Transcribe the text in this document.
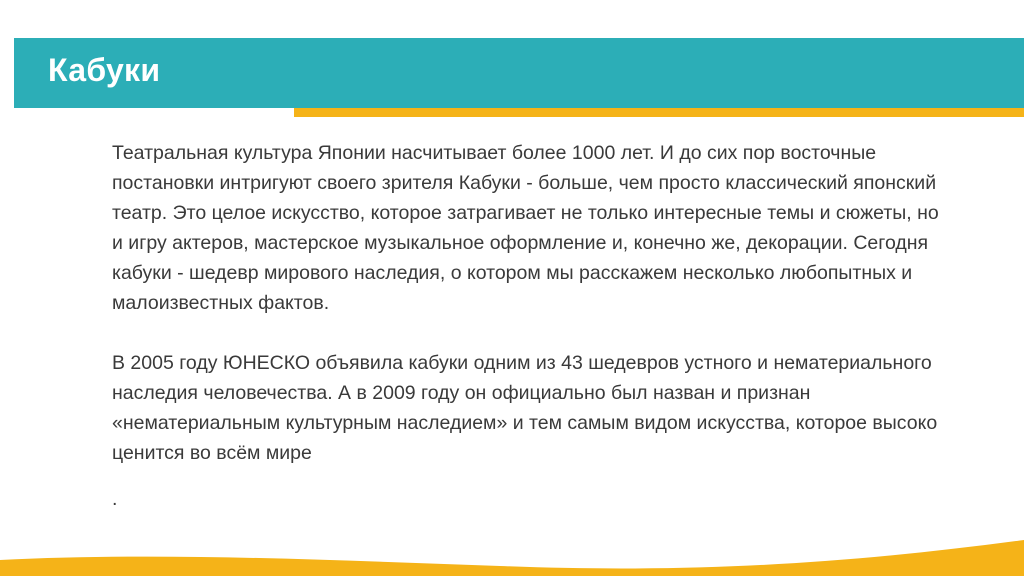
Кабуки

Театральная культура Японии насчитывает более 1000 лет. И до сих пор восточные постановки интригуют своего зрителя Кабуки - больше, чем просто классический японский театр. Это целое искусство, которое затрагивает не только интересные темы и сюжеты, но и игру актеров, мастерское музыкальное оформление и, конечно же, декорации. Сегодня кабуки - шедевр мирового наследия, о котором мы расскажем несколько любопытных и малоизвестных фактов.

В 2005 году ЮНЕСКО объявила кабуки одним из 43 шедевров устного и нематериального наследия человечества. А в 2009 году он официально был назван и признан «нематериальным культурным наследием» и тем самым видом искусства, которое высоко ценится во всём мире

.
